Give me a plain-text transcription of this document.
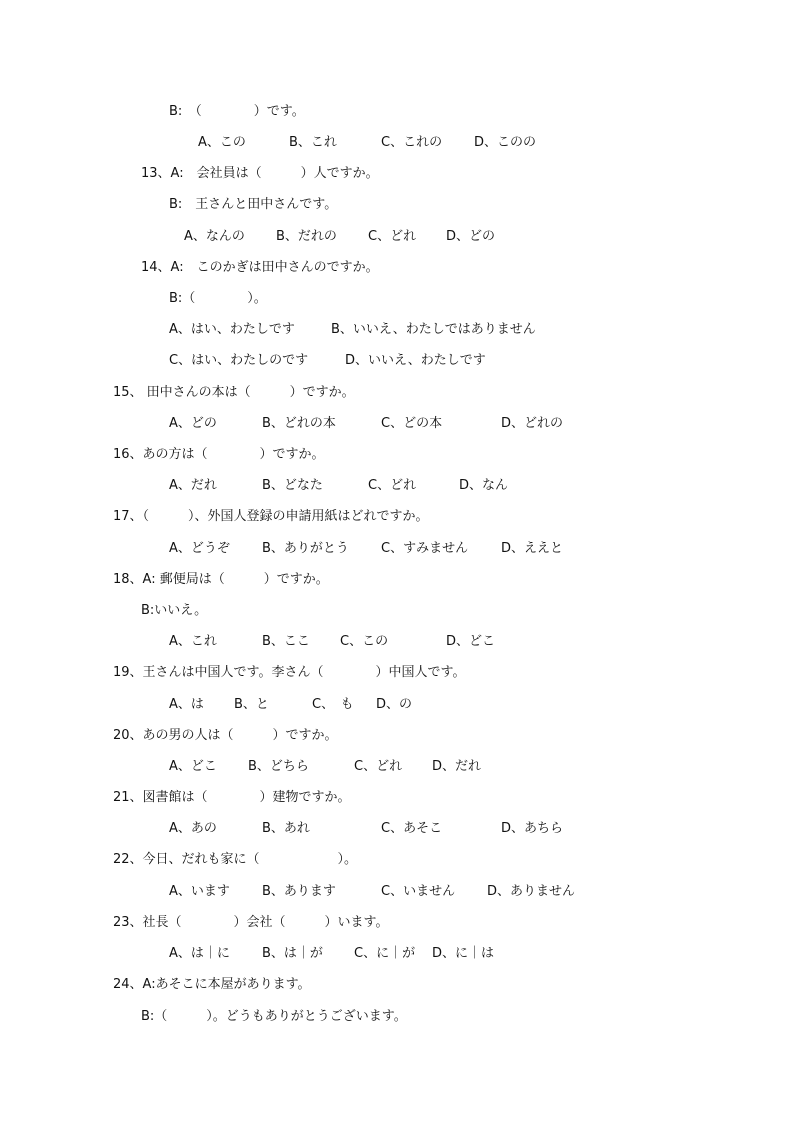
B:　（　　　　）です。
A、この	B、これ	C、これの D、このの
13、A:　会社員は（　　　）人ですか。
B:　王さんと田中さんです。
A、なんの B、だれの C、どれ D、どの
14、A:　このかぎは田中さんのですか。
B:（　　　　）。
A、はい、わたしです	B、いいえ、わたしではありません
C、はい、わたしのです	D、いいえ、わたしです
15、 田中さんの本は（　　　）ですか。
A、どの	B、どれの本	C、どの本	D、どれの
16、あの方は（　　　　）ですか。
A、だれ	B、どなた	C、どれ	D、なん
17、（　　　）、外国人登録の申請用紙はどれですか。
A、どうぞ B、ありがとう C、すみません	D、ええと
18、A: 郵便局は（　　　）ですか。
B:いいえ。
A、これ	B、ここ C、この	D、どこ
19、王さんは中国人です。李さん（　　　　）中国人です。
A、は B、と	C、　も D、の
20、あの男の人は（　　　）ですか。
A、どこ B、どちら	C、どれ D、だれ
21、図書館は（　　　　）建物ですか。
A、あの	B、あれ	C、あそこ	D、あちら
22、今日、だれも家に（　　　　　　）。
A、います B、あります	C、いません D、ありません
23、社長（　　　　）会社（　　　）います。
A、は｜に B、は｜が C、に｜が D、に｜は
24、A:あそこに本屋があります。
B:（　　　）。どうもありがとうございます。
